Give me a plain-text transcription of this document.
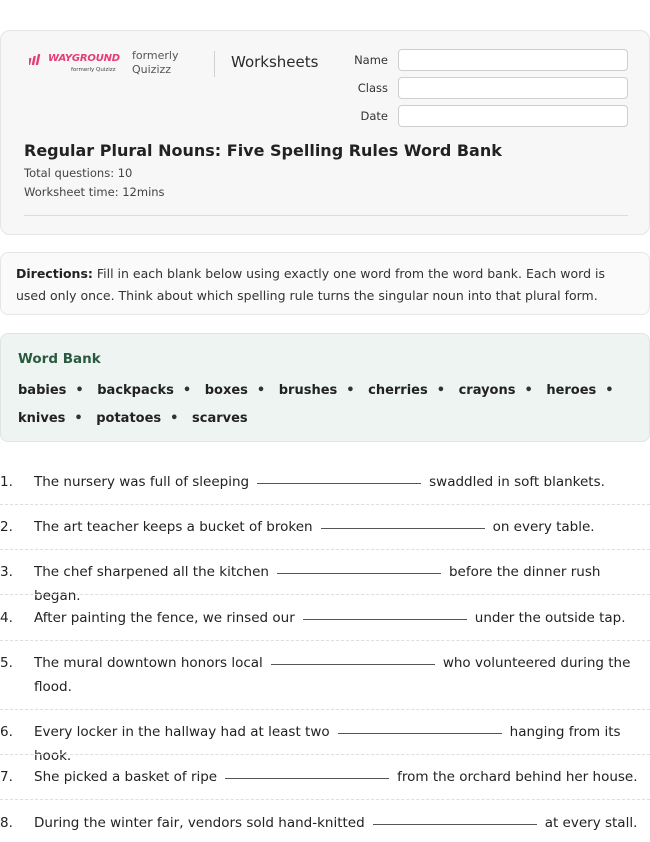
WAYGROUND
formerly Quizizz
formerly Quizizz	Worksheets	Name
Class
Date
Regular Plural Nouns: Five Spelling Rules Word Bank
Total questions: 10
Worksheet time: 12mins
Directions: Fill in each blank below using exactly one word from the word bank. Each word is used only once. Think about which spelling rule turns the singular noun into that plural form.
Word Bank
babies • backpacks • boxes • brushes • cherries • crayons • heroes • knives • potatoes • scarves
1. The nursery was full of sleeping	swaddled in soft blankets.
2. The art teacher keeps a bucket of broken	on every table.
3. The chef sharpened all the kitchen	before the dinner rush began.
4. After painting the fence, we rinsed our	under the outside tap.
5. The mural downtown honors local	who volunteered during the flood.
6. Every locker in the hallway had at least two	hanging from its hook.
7. She picked a basket of ripe	from the orchard behind her house.
8. During the winter fair, vendors sold hand-knitted	at every stall.
